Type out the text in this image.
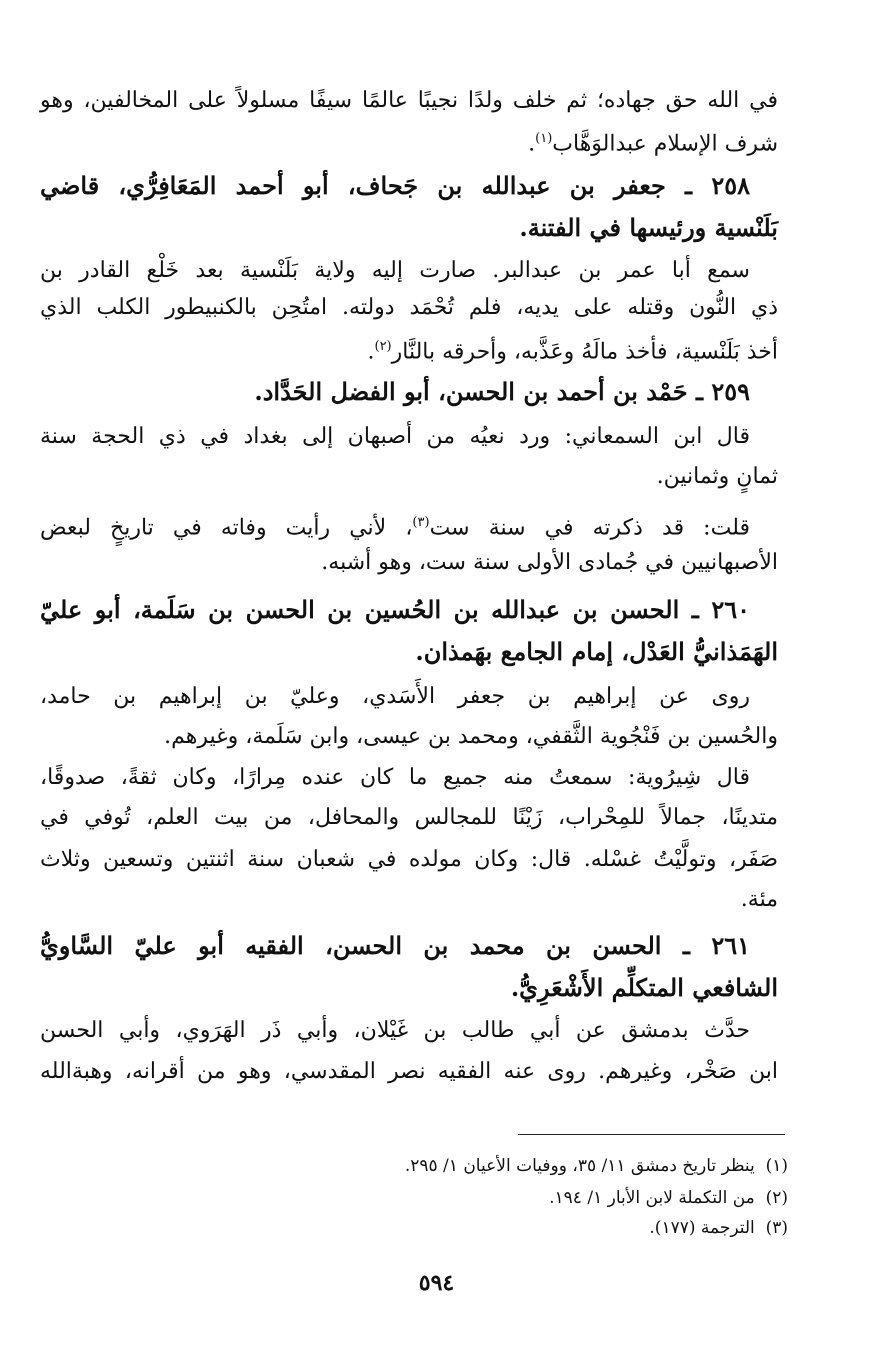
في الله حق جهاده؛ ثم خلف ولدًا نجيبًا عالمًا سيفًا مسلولاً على المخالفين، وهو
شرف الإسلام عبدالوَهَّاب$^{(١)}$.
٢٥٨ ـ جعفر بن عبدالله بن جَحاف، أبو أحمد المَعَافِرُّي، قاضي
بَلَنْسية ورئيسها في الفتنة.
سمع أبا عمر بن عبدالبر. صارت إليه ولاية بَلَنْسية بعد خَلْع القادر بن
ذي النُّون وقتله على يديه، فلم تُحْمَد دولته. امتُحِن بالكنبيطور الكلب الذي
أخذ بَلَنْسية، فأخذ مالَهُ وعَذَّبه، وأحرقه بالنَّار$^{(٢)}$.
٢٥٩ ـ حَمْد بن أحمد بن الحسن، أبو الفضل الحَدَّاد.
قال ابن السمعاني: ورد نعيُه من أصبهان إلى بغداد في ذي الحجة سنة
ثمانٍ وثمانين.
قلت: قد ذكرته في سنة ست$^{(٣)}$، لأني رأيت وفاته في تاريخٍ لبعض
الأصبهانيين في جُمادى الأولى سنة ست، وهو أشبه.
٢٦٠ ـ الحسن بن عبدالله بن الحُسين بن الحسن بن سَلَمة، أبو عليّ
الهَمَذانيُّ العَدْل، إمام الجامع بهَمذان.
روى عن إبراهيم بن جعفر الأَسَدي، وعليّ بن إبراهيم بن حامد،
والحُسين بن فَنْجُوية الثَّقفي، ومحمد بن عيسى، وابن سَلَمة، وغيرهم.
قال شِيرُوية: سمعتُ منه جميع ما كان عنده مِرارًا، وكان ثقةً، صدوقًا،
متدينًا، جمالاً للمِحْراب، زَيْنًا للمجالس والمحافل، من بيت العلم، تُوفي في
صَفَر، وتولَّيْتُ غسْله. قال: وكان مولده في شعبان سنة اثنتين وتسعين وثلاث
مئة.
٢٦١ ـ الحسن بن محمد بن الحسن، الفقيه أبو عليّ السَّاويُّ
الشافعي المتكلِّم الأَشْعَرِيُّ.
حدَّث بدمشق عن أبي طالب بن غَيْلان، وأبي ذَر الهَرَوي، وأبي الحسن
ابن صَخْر، وغيرهم. روى عنه الفقيه نصر المقدسي، وهو من أقرانه، وهبةالله
(١)  ينظر تاريخ دمشق ١١/ ٣٥، ووفيات الأعيان ١/ ٢٩٥.
(٢)  من التكملة لابن الأبار ١/ ١٩٤.
(٣)  الترجمة (١٧٧).
٥٩٤
